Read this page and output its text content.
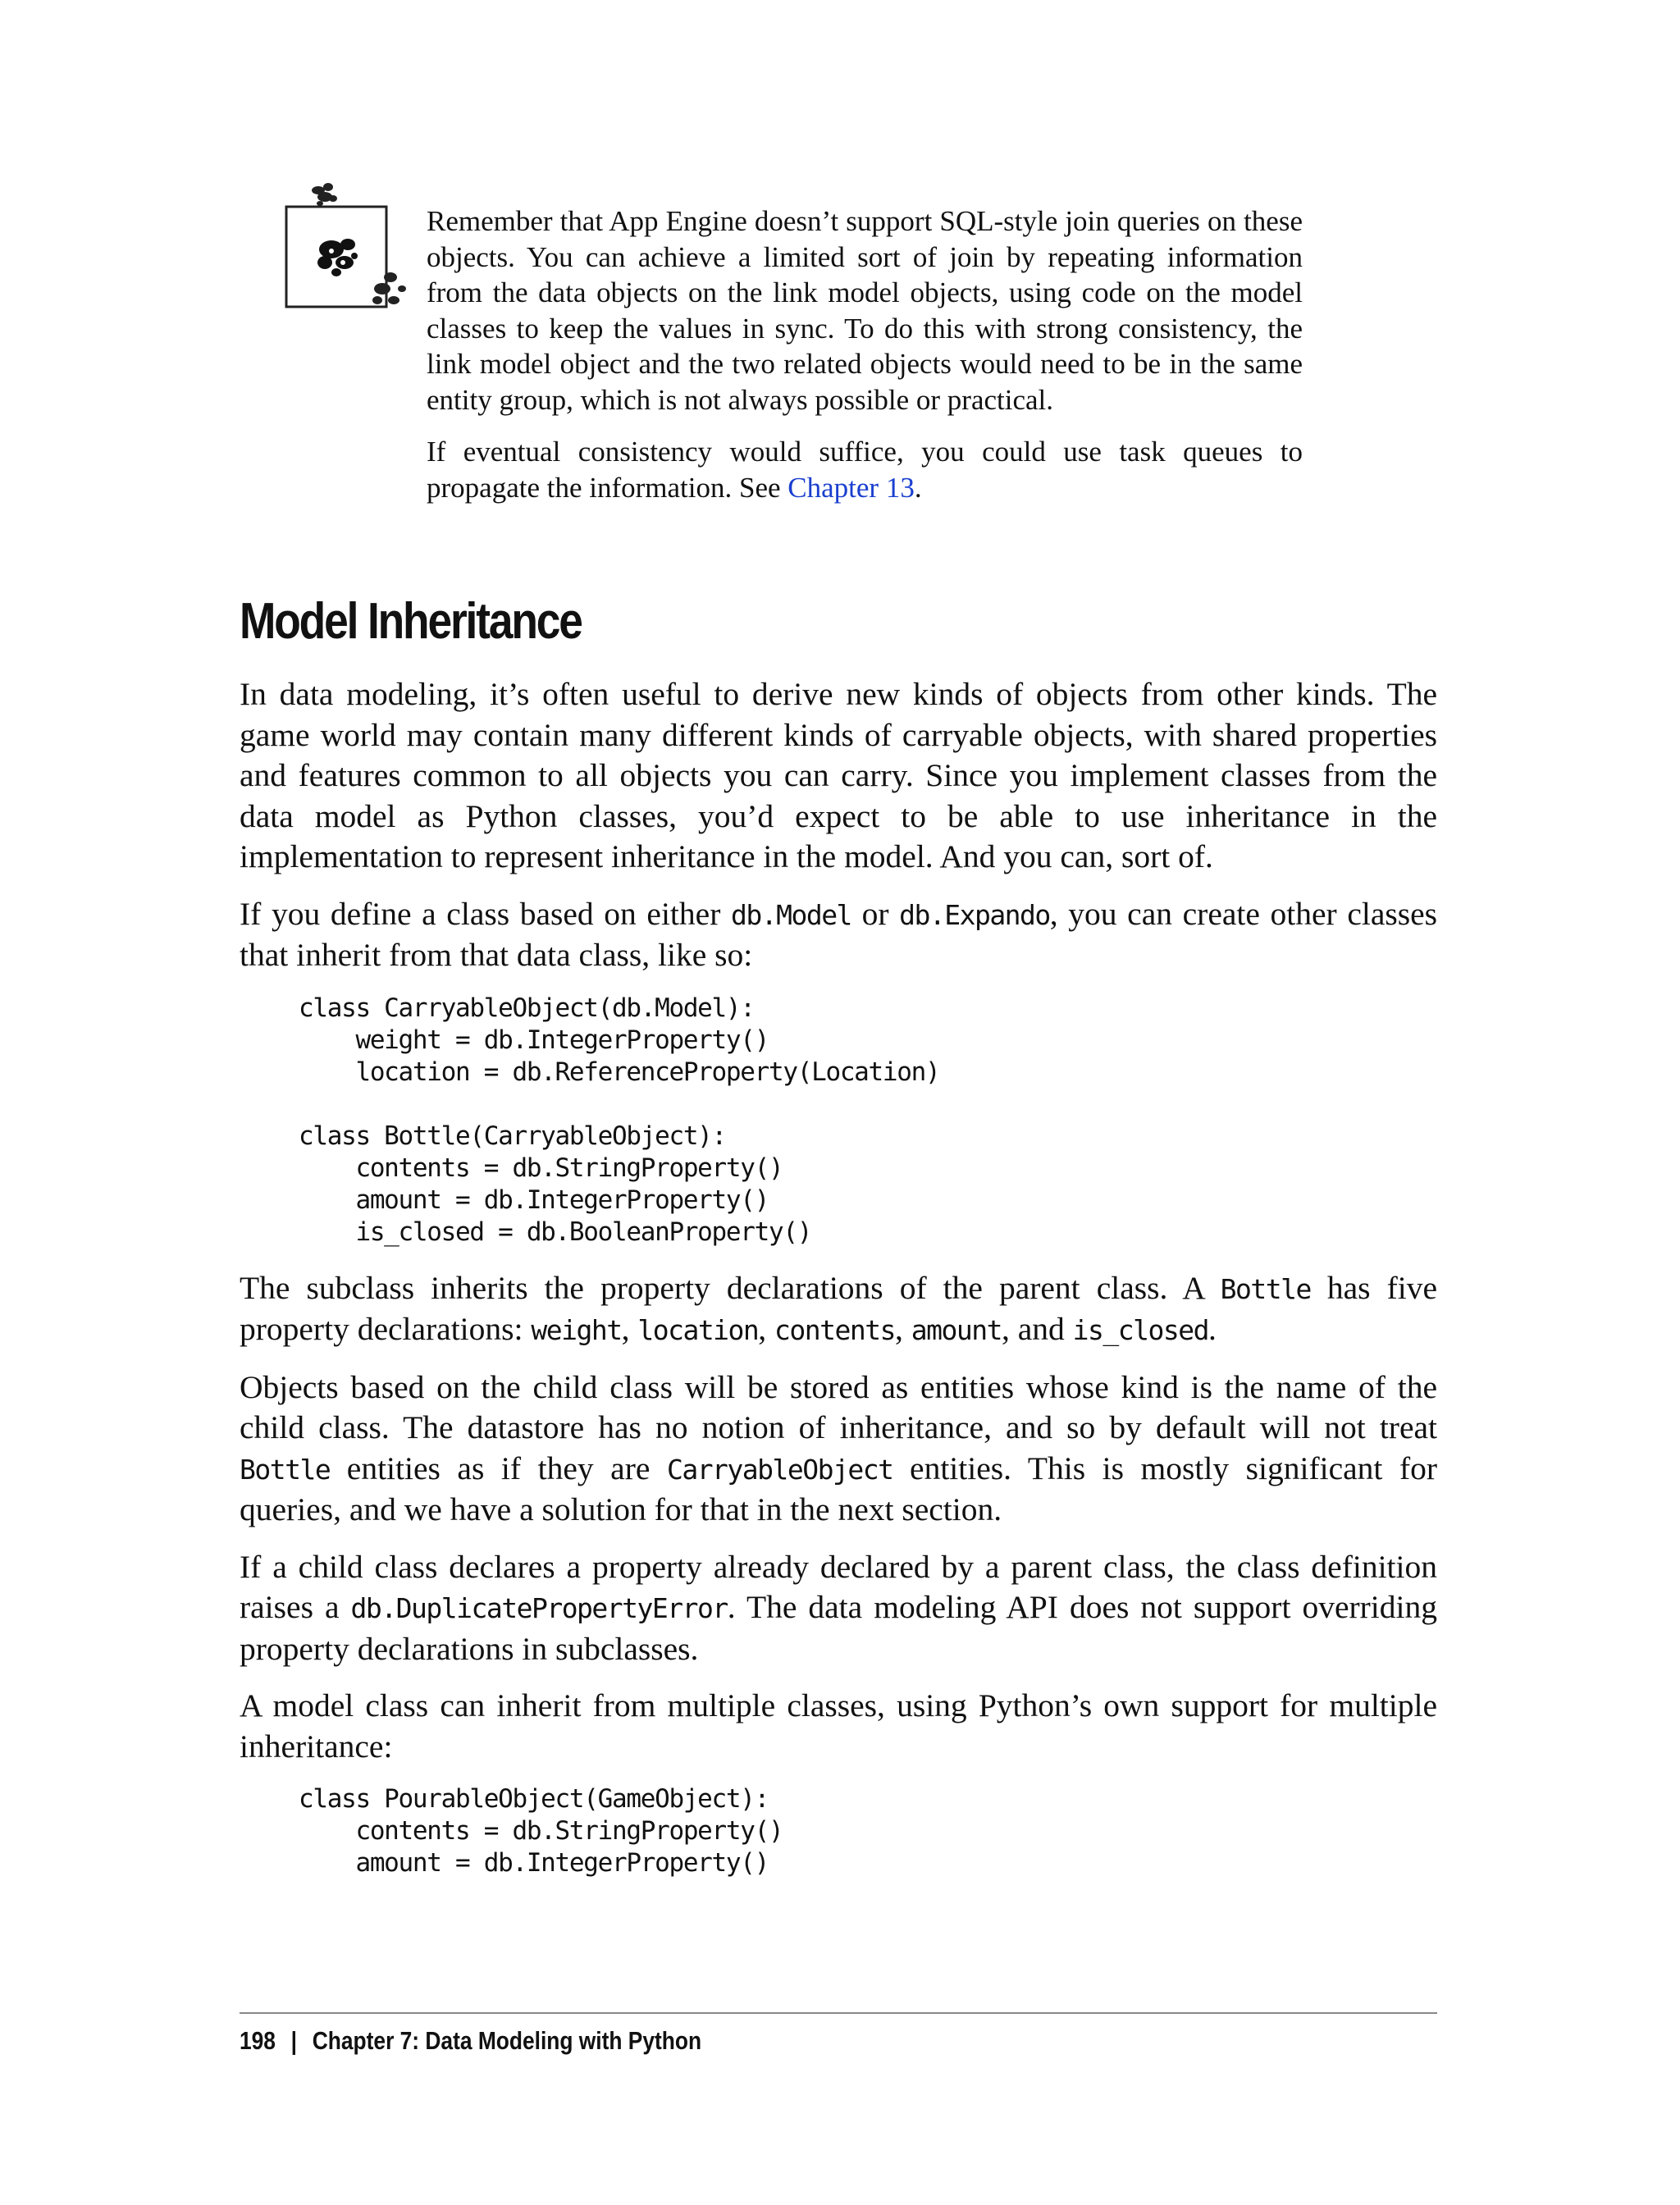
Remember that App Engine doesn’t support SQL-style join queries on these objects. You can achieve a limited sort of join by repeating information from the data objects on the link model objects, using code on the model classes to keep the values in sync. To do this with strong consistency, the link model object and the two related objects would need to be in the same entity group, which is not always possible or practical.

If eventual consistency would suffice, you could use task queues to propagate the information. See Chapter 13.

Model Inheritance

In data modeling, it’s often useful to derive new kinds of objects from other kinds. The game world may contain many different kinds of carryable objects, with shared properties and features common to all objects you can carry. Since you implement classes from the data model as Python classes, you’d expect to be able to use inheritance in the implementation to represent inheritance in the model. And you can, sort of.

If you define a class based on either db.Model or db.Expando, you can create other classes that inherit from that data class, like so:

class CarryableObject(db.Model):
weight = db.IntegerProperty()
location = db.ReferenceProperty(Location)

class Bottle(CarryableObject):
contents = db.StringProperty()
amount = db.IntegerProperty()
is_closed = db.BooleanProperty()

The subclass inherits the property declarations of the parent class. A Bottle has five property declarations: weight, location, contents, amount, and is_closed.

Objects based on the child class will be stored as entities whose kind is the name of the child class. The datastore has no notion of inheritance, and so by default will not treat Bottle entities as if they are CarryableObject entities. This is mostly significant for queries, and we have a solution for that in the next section.

If a child class declares a property already declared by a parent class, the class definition raises a db.DuplicatePropertyError. The data modeling API does not support overriding property declarations in subclasses.

A model class can inherit from multiple classes, using Python’s own support for multiple inheritance:

class PourableObject(GameObject):
contents = db.StringProperty()
amount = db.IntegerProperty()
198 | Chapter 7: Data Modeling with Python
